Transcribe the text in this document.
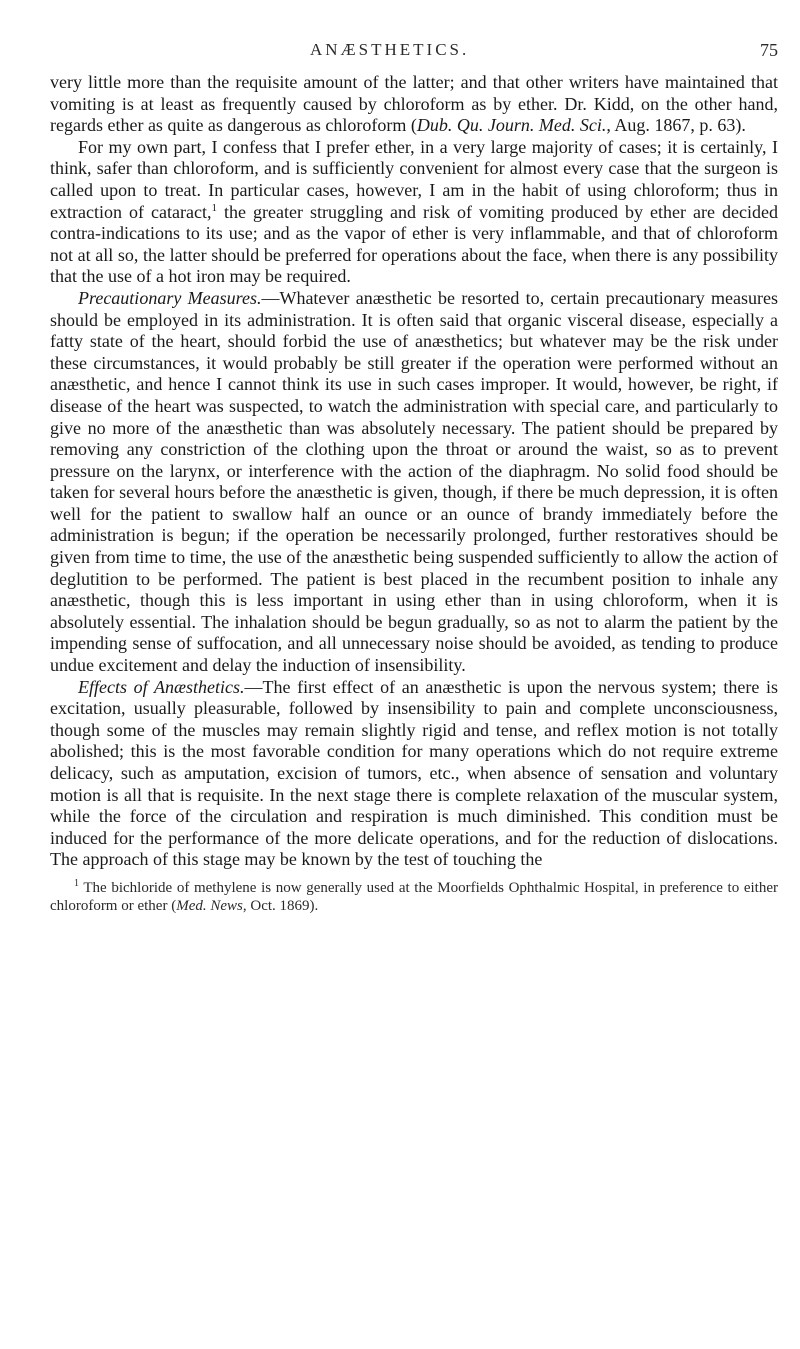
ANÆSTHETICS.	75

very little more than the requisite amount of the latter; and that other writers have maintained that vomiting is at least as frequently caused by chloroform as by ether. Dr. Kidd, on the other hand, regards ether as quite as dangerous as chloroform (Dub. Qu. Journ. Med. Sci., Aug. 1867, p. 63).

For my own part, I confess that I prefer ether, in a very large majority of cases; it is certainly, I think, safer than chloroform, and is sufficiently convenient for almost every case that the surgeon is called upon to treat. In particular cases, however, I am in the habit of using chloroform; thus in extraction of cataract,$^1$ the greater struggling and risk of vomiting produced by ether are decided contra-indications to its use; and as the vapor of ether is very inflammable, and that of chloroform not at all so, the latter should be preferred for operations about the face, when there is any possibility that the use of a hot iron may be required.

Precautionary Measures.—Whatever anæsthetic be resorted to, certain precautionary measures should be employed in its administration. It is often said that organic visceral disease, especially a fatty state of the heart, should forbid the use of anæsthetics; but whatever may be the risk under these circumstances, it would probably be still greater if the operation were performed without an anæsthetic, and hence I cannot think its use in such cases improper. It would, however, be right, if disease of the heart was suspected, to watch the administration with special care, and particularly to give no more of the anæsthetic than was absolutely necessary. The patient should be prepared by removing any constriction of the clothing upon the throat or around the waist, so as to prevent pressure on the larynx, or interference with the action of the diaphragm. No solid food should be taken for several hours before the anæsthetic is given, though, if there be much depression, it is often well for the patient to swallow half an ounce or an ounce of brandy immediately before the administration is begun; if the operation be necessarily prolonged, further restoratives should be given from time to time, the use of the anæsthetic being suspended sufficiently to allow the action of deglutition to be performed. The patient is best placed in the recumbent position to inhale any anæsthetic, though this is less important in using ether than in using chloroform, when it is absolutely essential. The inhalation should be begun gradually, so as not to alarm the patient by the impending sense of suffocation, and all unnecessary noise should be avoided, as tending to produce undue excitement and delay the induction of insensibility.

Effects of Anæsthetics.—The first effect of an anæsthetic is upon the nervous system; there is excitation, usually pleasurable, followed by insensibility to pain and complete unconsciousness, though some of the muscles may remain slightly rigid and tense, and reflex motion is not totally abolished; this is the most favorable condition for many operations which do not require extreme delicacy, such as amputation, excision of tumors, etc., when absence of sensation and voluntary motion is all that is requisite. In the next stage there is complete relaxation of the muscular system, while the force of the circulation and respiration is much diminished. This condition must be induced for the performance of the more delicate operations, and for the reduction of dislocations. The approach of this stage may be known by the test of touching the

$^1$ The bichloride of methylene is now generally used at the Moorfields Ophthalmic Hospital, in preference to either chloroform or ether (Med. News, Oct. 1869).
